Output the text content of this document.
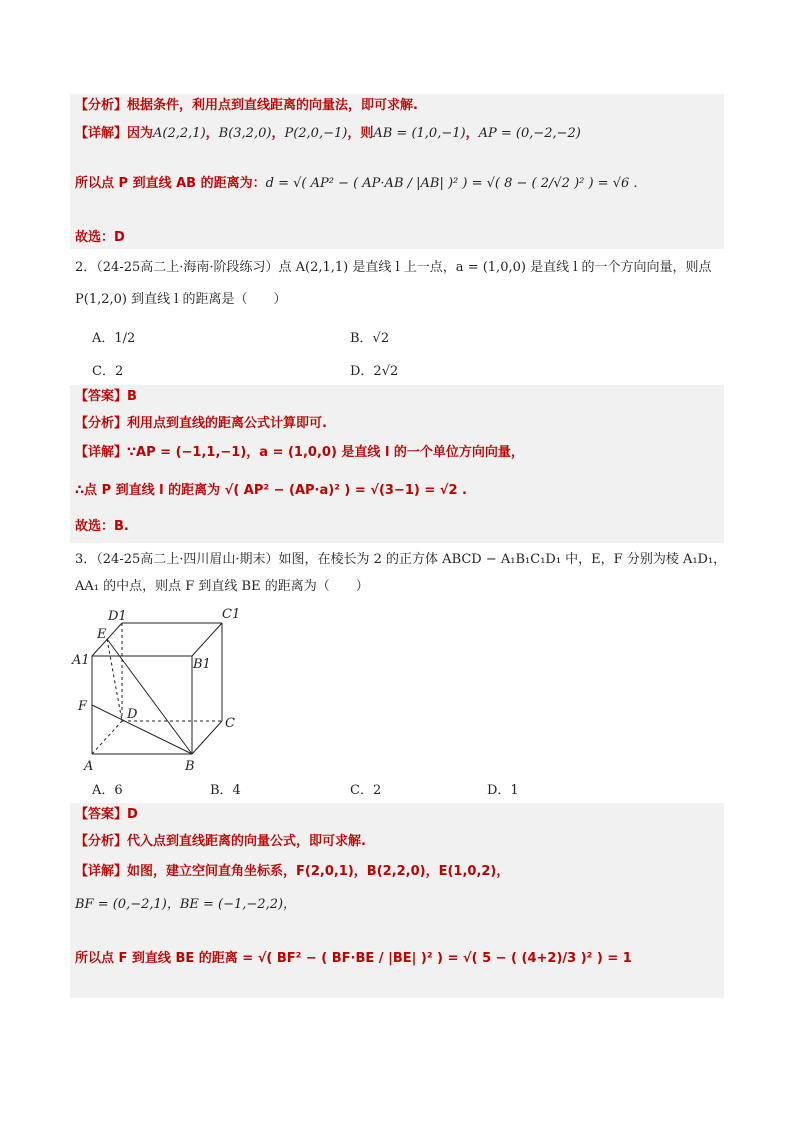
【分析】根据条件，利用点到直线距离的向量法，即可求解.
【详解】因为A(2,2,1)，B(3,2,0)，P(2,0,−1)，则AB = (1,0,−1)，AP = (0,−2,−2)
所以点 P 到直线 AB 的距离为：d = √( AP² − ( AP·AB / |AB| )² ) = √( 8 − ( 2/√2 )² ) = √6 .
故选：D
2．（24-25高二上·海南·阶段练习）点 A(2,1,1) 是直线 l 上一点，a = (1,0,0) 是直线 l 的一个方向向量，则点
P(1,2,0) 到直线 l 的距离是（　　）
A．1/2	B．√2
C．2	D．2√2
【答案】B
【分析】利用点到直线的距离公式计算即可.
【详解】∵AP = (−1,1,−1)，a = (1,0,0) 是直线 l 的一个单位方向向量，
∴点 P 到直线 l 的距离为 √( AP² − (AP·a)² ) = √(3−1) = √2 .
故选：B.
3．（24-25高二上·四川眉山·期末）如图，在棱长为 2 的正方体 ABCD − A₁B₁C₁D₁ 中，E，F 分别为棱 A₁D₁，
AA₁ 的中点，则点 F 到直线 BE 的距离为（　　）
D1	C1
E
A1	B1
F
D
C
A	B
A．6	B．4	C．2	D．1
【答案】D
【分析】代入点到直线距离的向量公式，即可求解.
【详解】如图，建立空间直角坐标系，F(2,0,1)，B(2,2,0)，E(1,0,2)，
BF = (0,−2,1)，BE = (−1,−2,2)，
所以点 F 到直线 BE 的距离 = √( BF² − ( BF·BE / |BE| )² ) = √( 5 − ( (4+2)/3 )² ) = 1
